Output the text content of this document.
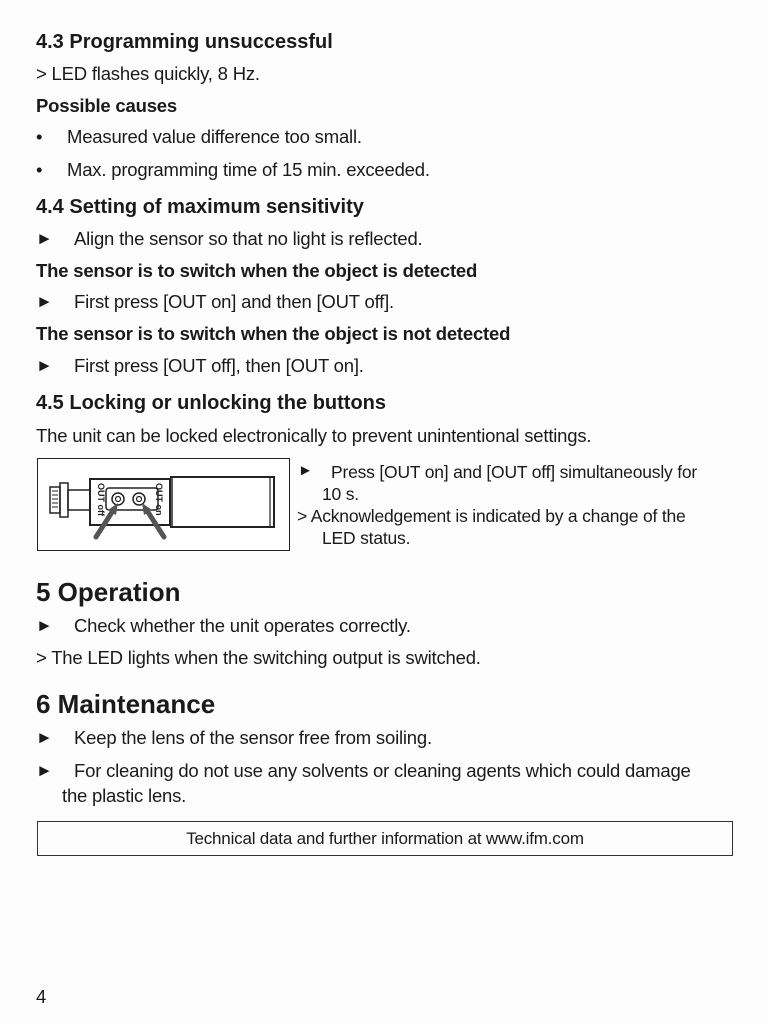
4.3 Programming unsuccessful
> LED flashes quickly, 8 Hz.
Possible causes
• Measured value difference too small.
• Max. programming time of 15 min. exceeded.
4.4 Setting of maximum sensitivity
► Align the sensor so that no light is reflected.
The sensor is to switch when the object is detected
► First press [OUT on] and then [OUT off].
The sensor is to switch when the object is not detected
► First press [OUT off], then [OUT on].
4.5 Locking or unlocking the buttons
The unit can be locked electronically to prevent unintentional settings.
OUT off	OUT on
► Press [OUT on] and [OUT off] simultaneously for
10 s.
> Acknowledgement is indicated by a change of the
LED status.
5 Operation
► Check whether the unit operates correctly.
> The LED lights when the switching output is switched.
6 Maintenance
► Keep the lens of the sensor free from soiling.
► For cleaning do not use any solvents or cleaning agents which could damage
the plastic lens.
Technical data and further information at www.ifm.com
4
